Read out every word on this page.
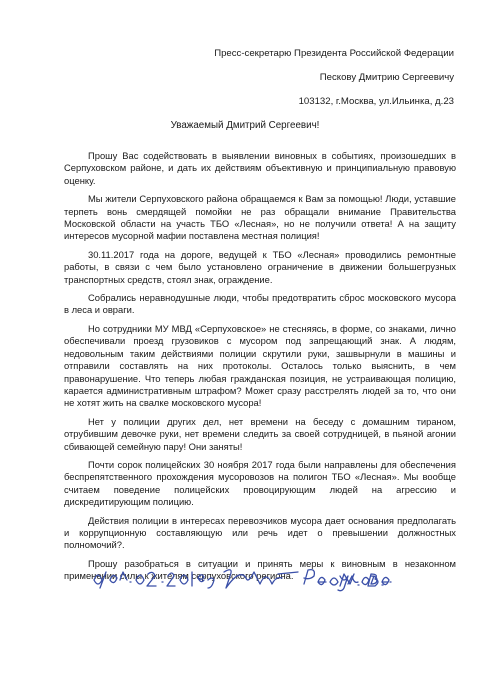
Пресс-секретарю Президента Российской Федерации
Пескову Дмитрию Сергеевичу
103132, г.Москва, ул.Ильинка, д.23
Уважаемый Дмитрий Сергеевич!

Прошу Вас содействовать в выявлении виновных в событиях, произошедших в Серпуховском районе, и дать их действиям объективную и принципиальную правовую оценку.

Мы жители Серпуховского района обращаемся к Вам за помощью! Люди, уставшие терпеть вонь смердящей помойки не раз обращали внимание Правительства Московской области на участь ТБО «Лесная», но не получили ответа! А на защиту интересов мусорной мафии поставлена местная полиция!

30.11.2017 года на дороге, ведущей к ТБО «Лесная» проводились ремонтные работы, в связи с чем было установлено ограничение в движении большегрузных транспортных средств, стоял знак, ограждение.

Собрались неравнодушные люди, чтобы предотвратить сброс московского мусора в леса и овраги.

Но сотрудники МУ МВД «Серпуховское» не стесняясь, в форме, со знаками, лично обеспечивали проезд грузовиков с мусором под запрещающий знак. А людям, недовольным таким действиями полиции скрутили руки, зашвырнули в машины и отправили составлять на них протоколы. Осталось только выяснить, в чем правонарушение. Что теперь любая гражданская позиция, не устраивающая полицию, карается административным штрафом? Может сразу расстрелять людей за то, что они не хотят жить на свалке московского мусора!

Нет у полиции других дел, нет времени на беседу с домашним тираном, отрубившим девочке руки, нет времени следить за своей сотрудницей, в пьяной агонии сбивающей семейную пару! Они заняты!

Почти сорок полицейских 30 ноября 2017 года были направлены для обеспечения беспрепятственного прохождения мусоровозов на полигон ТБО «Лесная». Мы вообще считаем поведение полицейских провоцирующим людей на агрессию и дискредитирующим полицию.

Действия полиции в интересах перевозчиков мусора дает основания предполагать и коррупционную составляющую или речь идет о превышении должностных полномочий?.

Прошу разобраться в ситуации и принять меры к виновным в незаконном применении силы к жителям серпуховского региона.
